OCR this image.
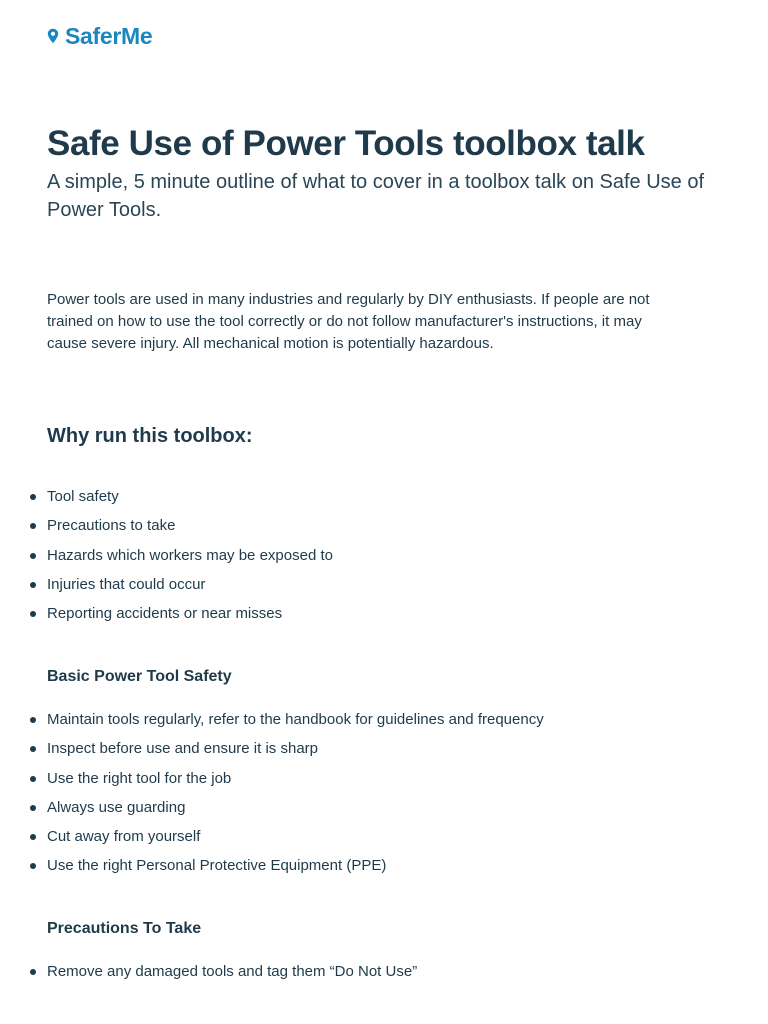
SaferMe
Safe Use of Power Tools toolbox talk

A simple, 5 minute outline of what to cover in a toolbox talk on Safe Use of Power Tools.

Power tools are used in many industries and regularly by DIY enthusiasts. If people are not trained on how to use the tool correctly or do not follow manufacturer's instructions, it may cause severe injury. All mechanical motion is potentially hazardous.

Why run this toolbox:
Tool safety
Precautions to take
Hazards which workers may be exposed to
Injuries that could occur
Reporting accidents or near misses
Basic Power Tool Safety
Maintain tools regularly, refer to the handbook for guidelines and frequency
Inspect before use and ensure it is sharp
Use the right tool for the job
Always use guarding
Cut away from yourself
Use the right Personal Protective Equipment (PPE)
Precautions To Take
Remove any damaged tools and tag them “Do Not Use”
